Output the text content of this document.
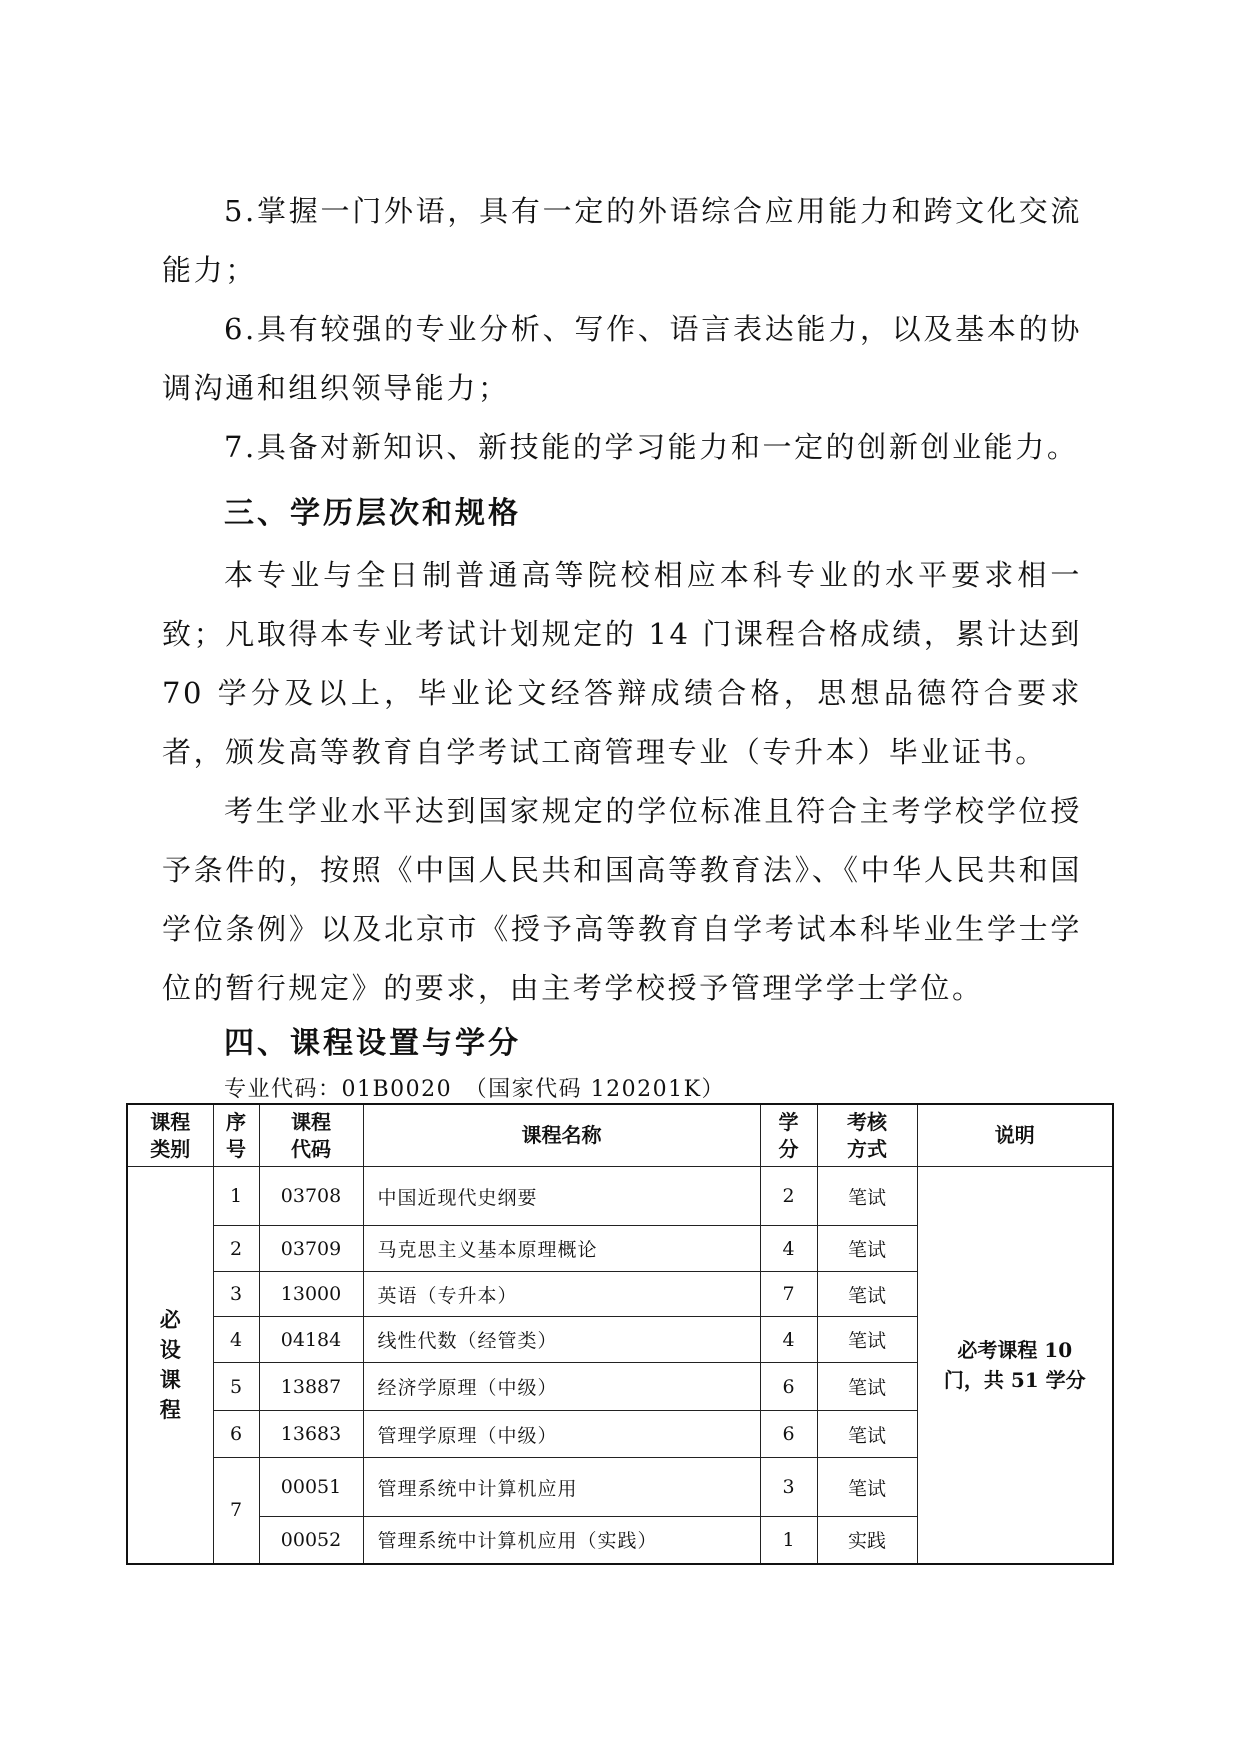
5.掌握一门外语，具有一定的外语综合应用能力和跨文化交流能力；

6.具有较强的专业分析、写作、语言表达能力，以及基本的协调沟通和组织领导能力；

7.具备对新知识、新技能的学习能力和一定的创新创业能力。

三、学历层次和规格

本专业与全日制普通高等院校相应本科专业的水平要求相一致；凡取得本专业考试计划规定的 14 门课程合格成绩，累计达到 70 学分及以上，毕业论文经答辩成绩合格，思想品德符合要求者，颁发高等教育自学考试工商管理专业（专升本）毕业证书。

考生学业水平达到国家规定的学位标准且符合主考学校学位授予条件的，按照《中国人民共和国高等教育法》、《中华人民共和国学位条例》以及北京市《授予高等教育自学考试本科毕业生学士学位的暂行规定》的要求，由主考学校授予管理学学士学位。

四、课程设置与学分

专业代码：01B0020　（国家代码 120201K）

课程类别	序号	课程代码	课程名称	学分	考核方式	说明

必设课程	1	03708	中国近现代史纲要	2	笔试	必考课程 10 门，共 51 学分

	2	03709	马克思主义基本原理概论	4	笔试	
	3	13000	英语（专升本）	7	笔试	
	4	04184	线性代数（经管类）	4	笔试	
	5	13887	经济学原理（中级）	6	笔试	
	6	13683	管理学原理（中级）	6	笔试	
	7	00051	管理系统中计算机应用	3	笔试	
		00052	管理系统中计算机应用（实践）	1	实践	
